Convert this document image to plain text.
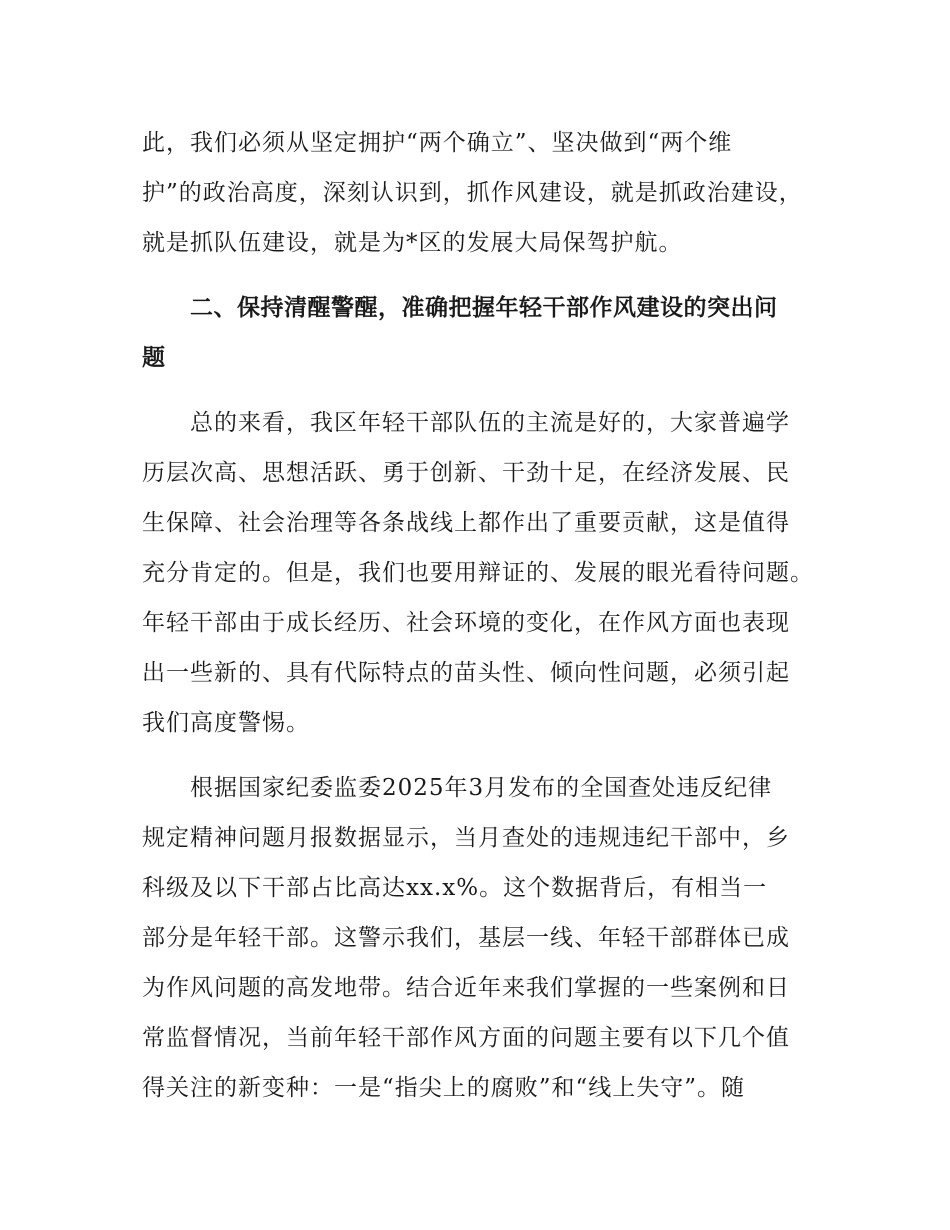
此，我们必须从坚定拥护“两个确立”、坚决做到“两个维
护”的政治高度，深刻认识到，抓作风建设，就是抓政治建设，
就是抓队伍建设，就是为*区的发展大局保驾护航。
二、保持清醒警醒，准确把握年轻干部作风建设的突出问
题
总的来看，我区年轻干部队伍的主流是好的，大家普遍学
历层次高、思想活跃、勇于创新、干劲十足，在经济发展、民
生保障、社会治理等各条战线上都作出了重要贡献，这是值得
充分肯定的。但是，我们也要用辩证的、发展的眼光看待问题。
年轻干部由于成长经历、社会环境的变化，在作风方面也表现
出一些新的、具有代际特点的苗头性、倾向性问题，必须引起
我们高度警惕。
根据国家纪委监委2025年3月发布的全国查处违反纪律
规定精神问题月报数据显示，当月查处的违规违纪干部中，乡
科级及以下干部占比高达xx.x%。这个数据背后，有相当一
部分是年轻干部。这警示我们，基层一线、年轻干部群体已成
为作风问题的高发地带。结合近年来我们掌握的一些案例和日
常监督情况，当前年轻干部作风方面的问题主要有以下几个值
得关注的新变种：一是“指尖上的腐败”和“线上失守”。随
